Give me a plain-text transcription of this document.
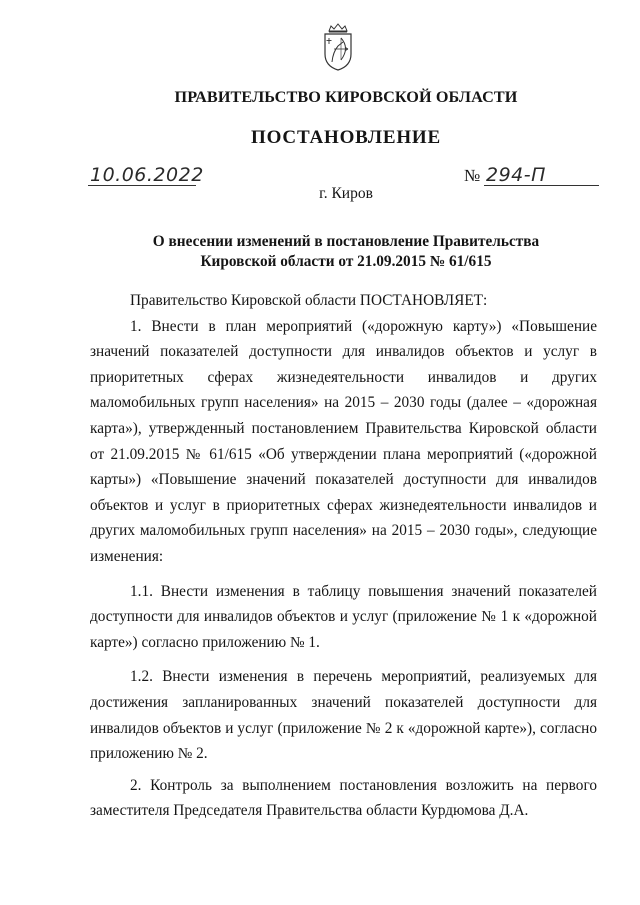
ПРАВИТЕЛЬСТВО КИРОВСКОЙ ОБЛАСТИ
ПОСТАНОВЛЕНИЕ
10.06.2022	№ 294-П
г. Киров
О внесении изменений в постановление Правительства
Кировской области от 21.09.2015 № 61/615

Правительство Кировской области ПОСТАНОВЛЯЕТ:

1. Внести в план мероприятий («дорожную карту») «Повышение значений показателей доступности для инвалидов объектов и услуг в приоритетных сферах жизнедеятельности инвалидов и других маломобильных групп населения» на 2015 – 2030 годы (далее – «дорожная карта»), утвержденный постановлением Правительства Кировской области от 21.09.2015 № 61/615 «Об утверждении плана мероприятий («дорожной карты») «Повышение значений показателей доступности для инвалидов объектов и услуг в приоритетных сферах жизнедеятельности инвалидов и других маломобильных групп населения» на 2015 – 2030 годы», следующие изменения:

1.1. Внести изменения в таблицу повышения значений показателей доступности для инвалидов объектов и услуг (приложение № 1 к «дорожной карте») согласно приложению № 1.

1.2. Внести изменения в перечень мероприятий, реализуемых для достижения запланированных значений показателей доступности для инвалидов объектов и услуг (приложение № 2 к «дорожной карте»), согласно приложению № 2.

2. Контроль за выполнением постановления возложить на первого заместителя Председателя Правительства области Курдюмова Д.А.
